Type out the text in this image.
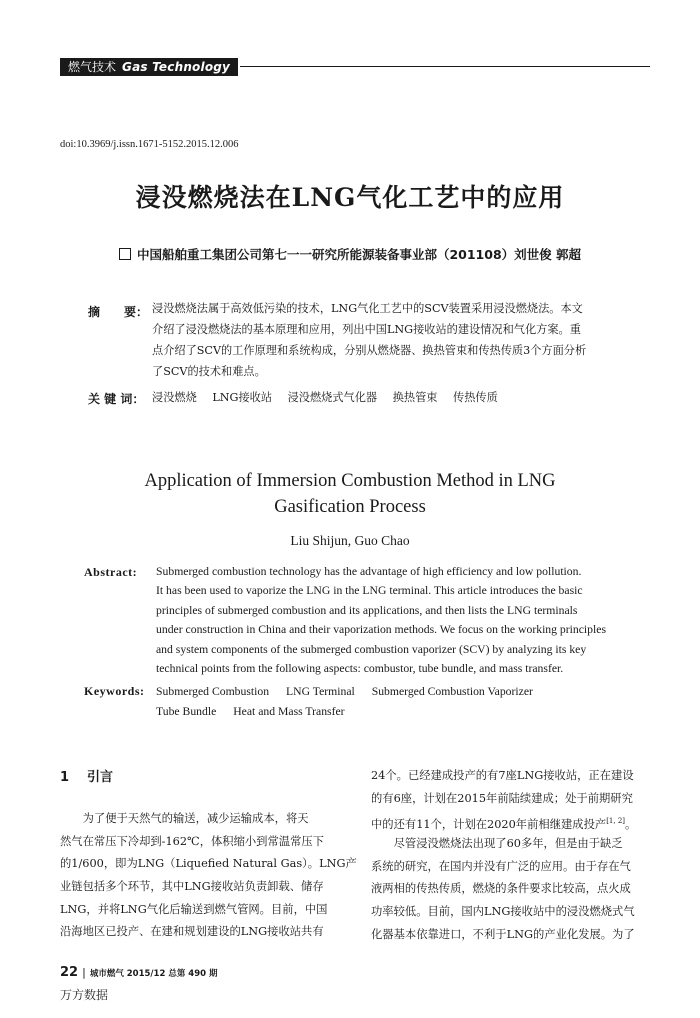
燃气技术 Gas Technology
doi:10.3969/j.issn.1671-5152.2015.12.006
浸没燃烧法在LNG气化工艺中的应用
中国船舶重工集团公司第七一一研究所能源装备事业部（201108）刘世俊 郭超
摘　　要： 浸没燃烧法属于高效低污染的技术，LNG气化工艺中的SCV装置采用浸没燃烧法。本文
介绍了浸没燃烧法的基本原理和应用，列出中国LNG接收站的建设情况和气化方案。重
点介绍了SCV的工作原理和系统构成，分别从燃烧器、换热管束和传热传质3个方面分析
了SCV的技术和难点。
关 键 词： 浸没燃烧 LNG接收站 浸没燃烧式气化器 换热管束 传热传质
Application of Immersion Combustion Method in LNG
Gasification Process
Liu Shijun, Guo Chao
Abstract: Submerged combustion technology has the advantage of high efficiency and low pollution.
It has been used to vaporize the LNG in the LNG terminal. This article introduces the basic
principles of submerged combustion and its applications, and then lists the LNG terminals
under construction in China and their vaporization methods. We focus on the working principles
and system components of the submerged combustion vaporizer (SCV) by analyzing its key
technical points from the following aspects: combustor, tube bundle, and mass transfer.
Keywords: Submerged Combustion LNG Terminal Submerged Combustion Vaporizer
Tube Bundle Heat and Mass Transfer
1 引言
　　为了便于天然气的输送，减少运输成本，将天
然气在常压下冷却到-162℃，体积缩小到常温常压下
的1/600，即为LNG（Liquefied Natural Gas）。LNG产
业链包括多个环节，其中LNG接收站负责卸载、储存
LNG，并将LNG气化后输送到燃气管网。目前，中国
沿海地区已投产、在建和规划建设的LNG接收站共有
24个。已经建成投产的有7座LNG接收站，正在建设
的有6座，计划在2015年前陆续建成；处于前期研究
中的还有11个，计划在2020年前相继建成投产[1, 2]。
　　尽管浸没燃烧法出现了60多年，但是由于缺乏
系统的研究，在国内并没有广泛的应用。由于存在气
液两相的传热传质，燃烧的条件要求比较高，点火成
功率较低。目前，国内LNG接收站中的浸没燃烧式气
化器基本依靠进口，不利于LNG的产业化发展。为了
22 | 城市燃气 2015/12 总第 490 期
万方数据
